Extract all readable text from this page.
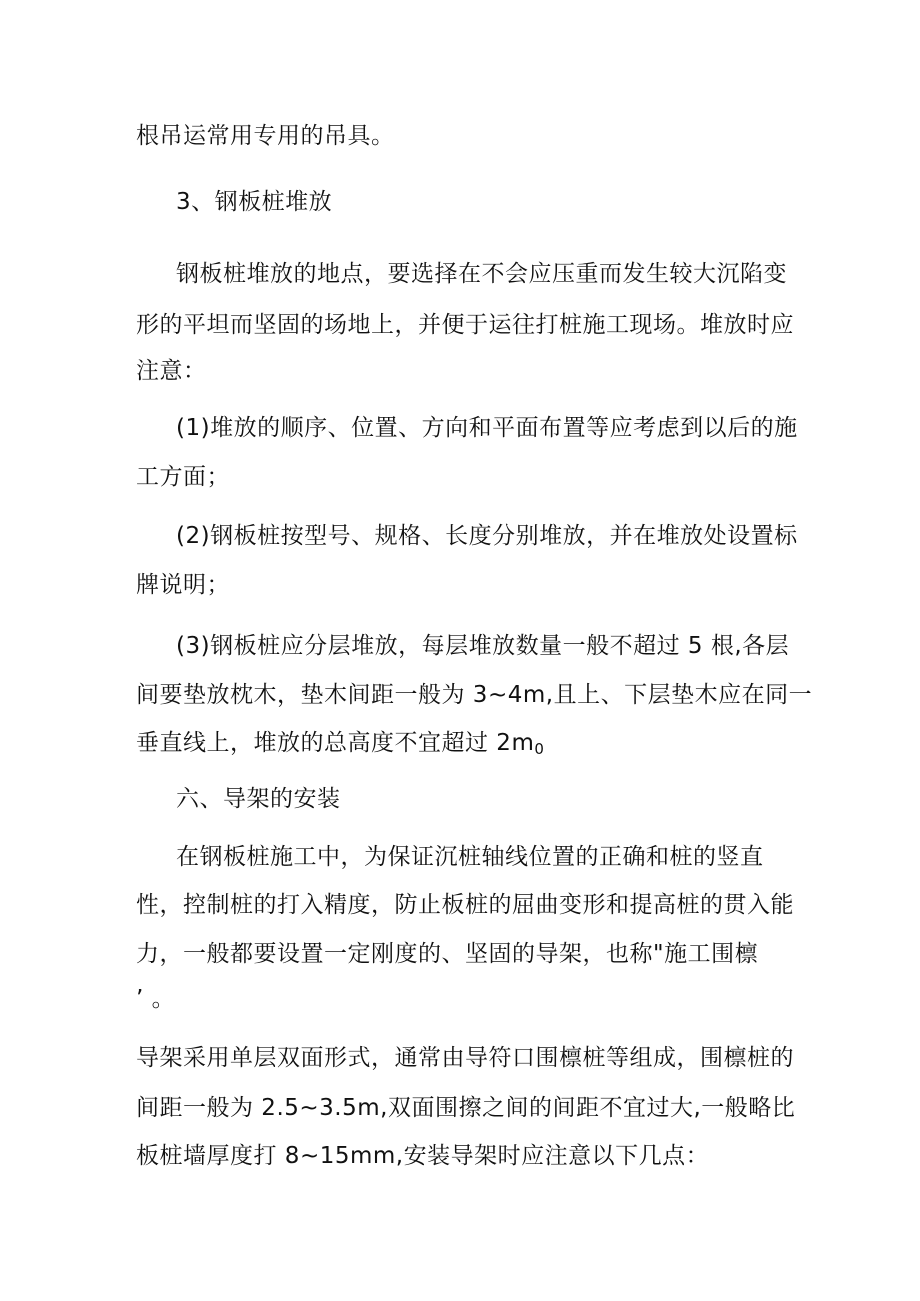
根吊运常用专用的吊具。
3、钢板桩堆放
钢板桩堆放的地点，要选择在不会应压重而发生较大沉陷变
形的平坦而坚固的场地上，并便于运往打桩施工现场。堆放时应
注意：
(1)堆放的顺序、位置、方向和平面布置等应考虑到以后的施
工方面；
(2)钢板桩按型号、规格、长度分别堆放，并在堆放处设置标
牌说明；
(3)钢板桩应分层堆放，每层堆放数量一般不超过 5 根,各层
间要垫放枕木，垫木间距一般为 3~4m,且上、下层垫木应在同一
垂直线上，堆放的总高度不宜超过 $2m_0$
六、导架的安装
在钢板桩施工中，为保证沉桩轴线位置的正确和桩的竖直
性，控制桩的打入精度，防止板桩的屈曲变形和提高桩的贯入能
力，一般都要设置一定刚度的、坚固的导架，也称"施工围檩
’ 。
导架采用单层双面形式，通常由导符口围檩桩等组成，围檩桩的
间距一般为 2.5~3.5m,双面围擦之间的间距不宜过大,一般略比
板桩墙厚度打 8~15mm,安装导架时应注意以下几点：
